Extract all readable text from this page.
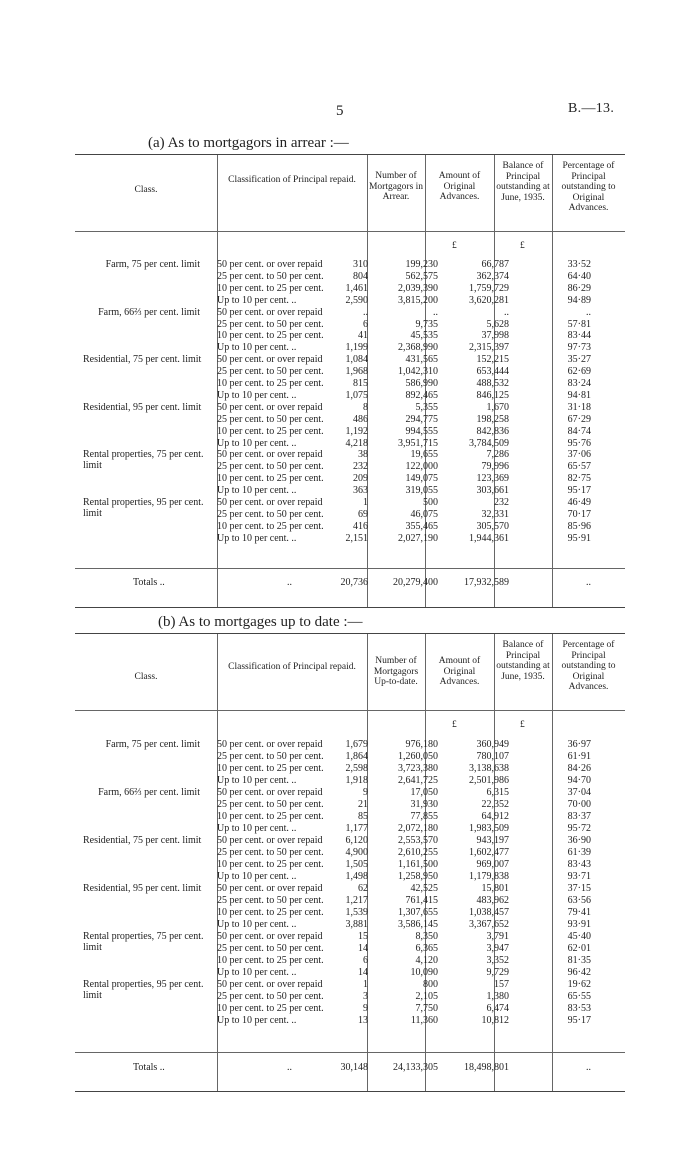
5	B.—13.
(a) As to mortgagors in arrear :—
Class.
Classification of Principal repaid.	Number of Mortgagors in Arrear.
Amount of Original Advances.
Balance of Principal outstanding at June, 1935.
Percentage of Principal outstanding to Original Advances.
£	£
Farm, 75 per cent. limit 50 per cent. or over repaid	310	199,230	66,787	33·52
25 per cent. to 50 per cent.	804	562,575	362,374	64·40
10 per cent. to 25 per cent. 1,461	2,039,390	1,759,729	86·29
Up to 10 per cent. ..	2,590	3,815,200	3,620,281	94·89
Farm, 66⅔ per cent. limit 50 per cent. or over repaid	..	..	..	..
25 per cent. to 50 per cent.	6	9,735	5,628	57·81
10 per cent. to 25 per cent.	41	45,535	37,998	83·44
Up to 10 per cent. ..	1,199	2,368,990	2,315,397	97·73
Residential, 75 per cent. limit	50 per cent. or over repaid 1,084	431,565	152,215	35·27
25 per cent. to 50 per cent. 1,968	1,042,310	653,444	62·69
10 per cent. to 25 per cent.	815	586,990	488,532	83·24
Up to 10 per cent. ..	1,075	892,465	846,125	94·81
Residential, 95 per cent. limit	50 per cent. or over repaid	8	5,355	1,670	31·18
25 per cent. to 50 per cent.	486	294,775	198,258	67·29
10 per cent. to 25 per cent. 1,192	994,555	842,836	84·74
Up to 10 per cent. ..	4,218	3,951,715	3,784,509	95·76
Rental properties, 75 per cent. limit
50 per cent. or over repaid	38	19,655	7,286	37·06
25 per cent. to 50 per cent.	232	122,000	79,996	65·57
10 per cent. to 25 per cent.	209	149,075	123,369	82·75
Up to 10 per cent. ..	363	319,055	303,661	95·17
Rental properties, 95 per cent. limit
50 per cent. or over repaid	1	500	232	46·49
25 per cent. to 50 per cent.	69	46,075	32,331	70·17
10 per cent. to 25 per cent.	416	355,465	305,570	85·96
Up to 10 per cent. ..	2,151	2,027,190	1,944,361	95·91
Totals ..	..	20,736	20,279,400	17,932,589	..
(b) As to mortgages up to date :—
Class.
Classification of Principal repaid.
Number of Mortgagors Up-to-date.
Amount of Original Advances.
Balance of Principal outstanding at June, 1935.
Percentage of Principal outstanding to Original Advances.
£	£
Farm, 75 per cent. limit 50 per cent. or over repaid 1,679	976,180	360,949	36·97
25 per cent. to 50 per cent. 1,864	1,260,050	780,107	61·91
10 per cent. to 25 per cent. 2,598	3,723,380	3,138,638	84·26
Up to 10 per cent. ..	1,918	2,641,725	2,501,986	94·70
Farm, 66⅔ per cent. limit 50 per cent. or over repaid	9	17,050	6,315	37·04
25 per cent. to 50 per cent.	21	31,930	22,352	70·00
10 per cent. to 25 per cent.	85	77,855	64,912	83·37
Up to 10 per cent. ..	1,177	2,072,180	1,983,509	95·72
Residential, 75 per cent. limit	50 per cent. or over repaid 6,120	2,553,570	943,197	36·90
25 per cent. to 50 per cent. 4,900	2,610,255	1,602,477	61·39
10 per cent. to 25 per cent. 1,505	1,161,500	969,007	83·43
Up to 10 per cent. ..	1,498	1,258,950	1,179,838	93·71
Residential, 95 per cent. limit	50 per cent. or over repaid	62	42,525	15,801	37·15
25 per cent. to 50 per cent. 1,217	761,415	483,962	63·56
10 per cent. to 25 per cent. 1,539	1,307,655	1,038,457	79·41
Up to 10 per cent. ..	3,881	3,586,145	3,367,652	93·91
Rental properties, 75 per cent. limit
50 per cent. or over repaid	15	8,350	3,791	45·40
25 per cent. to 50 per cent.	14	6,365	3,947	62·01
10 per cent. to 25 per cent.	6	4,120	3,352	81·35
Up to 10 per cent. ..	14	10,090	9,729	96·42
Rental properties, 95 per cent. limit
50 per cent. or over repaid	1	800	157	19·62
25 per cent. to 50 per cent.	3	2,105	1,380	65·55
10 per cent. to 25 per cent.	9	7,750	6,474	83·53
Up to 10 per cent. ..	13	11,360	10,812	95·17
Totals ..	..	30,148	24,133,305	18,498,801	..
